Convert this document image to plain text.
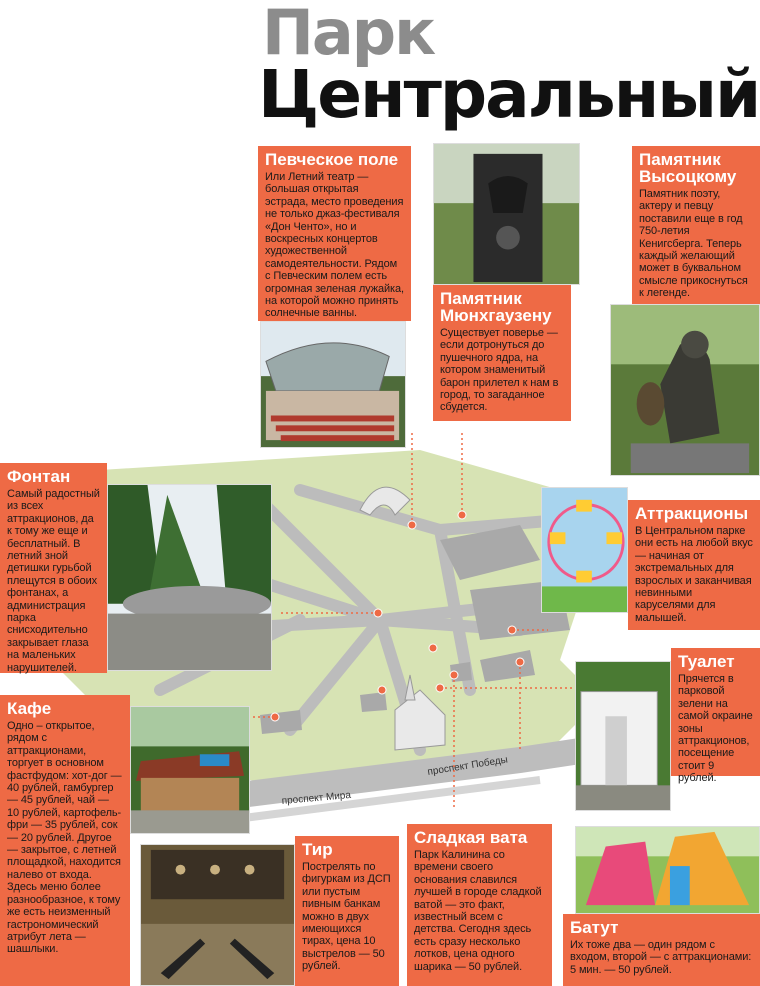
Парк
Центральный
проспект Победы
проспект Мира
Певческое поле

Или Летний театр — большая открытая эстрада, место проведения не только джаз-фестиваля «Дон Ченто», но и воскресных концертов художественной самодеятельности. Рядом с Певческим полем есть огромная зеленая лужайка, на которой можно принять солнечные ванны.

Памятник Мюнхгаузену

Существует поверье — если дотронуться до пушечного ядра, на котором знаменитый барон прилетел к нам в город, то загаданное сбудется.

Памятник Высоцкому

Памятник поэту, актеру и певцу поставили еще в год 750-летия Кенигсберга. Теперь каждый желающий может в буквальном смысле прикоснуться к легенде.

Фонтан

Самый радостный из всех аттракционов, да к тому же еще и бесплатный. В летний зной детишки гурьбой плещутся в обоих фонтанах, а администрация парка снисходительно закрывает глаза на маленьких нарушителей.

Аттракционы

В Центральном парке они есть на любой вкус — начиная от экстремальных для взрослых и заканчивая невинными каруселями для малышей.

Туалет

Прячется в парковой зелени на самой окраине зоны аттракционов, посещение стоит 9 рублей.

Кафе

Одно – открытое, рядом с аттракционами, торгует в основном фастфудом: хот-дог — 40 рублей, гамбургер — 45 рублей, чай — 10 рублей, картофель-фри — 35 рублей, сок — 20 рублей. Другое — закрытое, с летней площадкой, находится налево от входа. Здесь меню более разнообразное, к тому же есть неизменный гастрономический атрибут лета — шашлыки.

Тир

Пострелять по фигуркам из ДСП или пустым пивным банкам можно в двух имеющихся тирах, цена 10 выстрелов — 50 рублей.

Сладкая вата

Парк Калинина со времени своего основания славился лучшей в городе сладкой ватой — это факт, известный всем с детства. Сегодня здесь есть сразу несколько лотков, цена одного шарика — 50 рублей.

Батут

Их тоже два — один рядом с входом, второй — с аттракционами: 5 мин. — 50 рублей.
